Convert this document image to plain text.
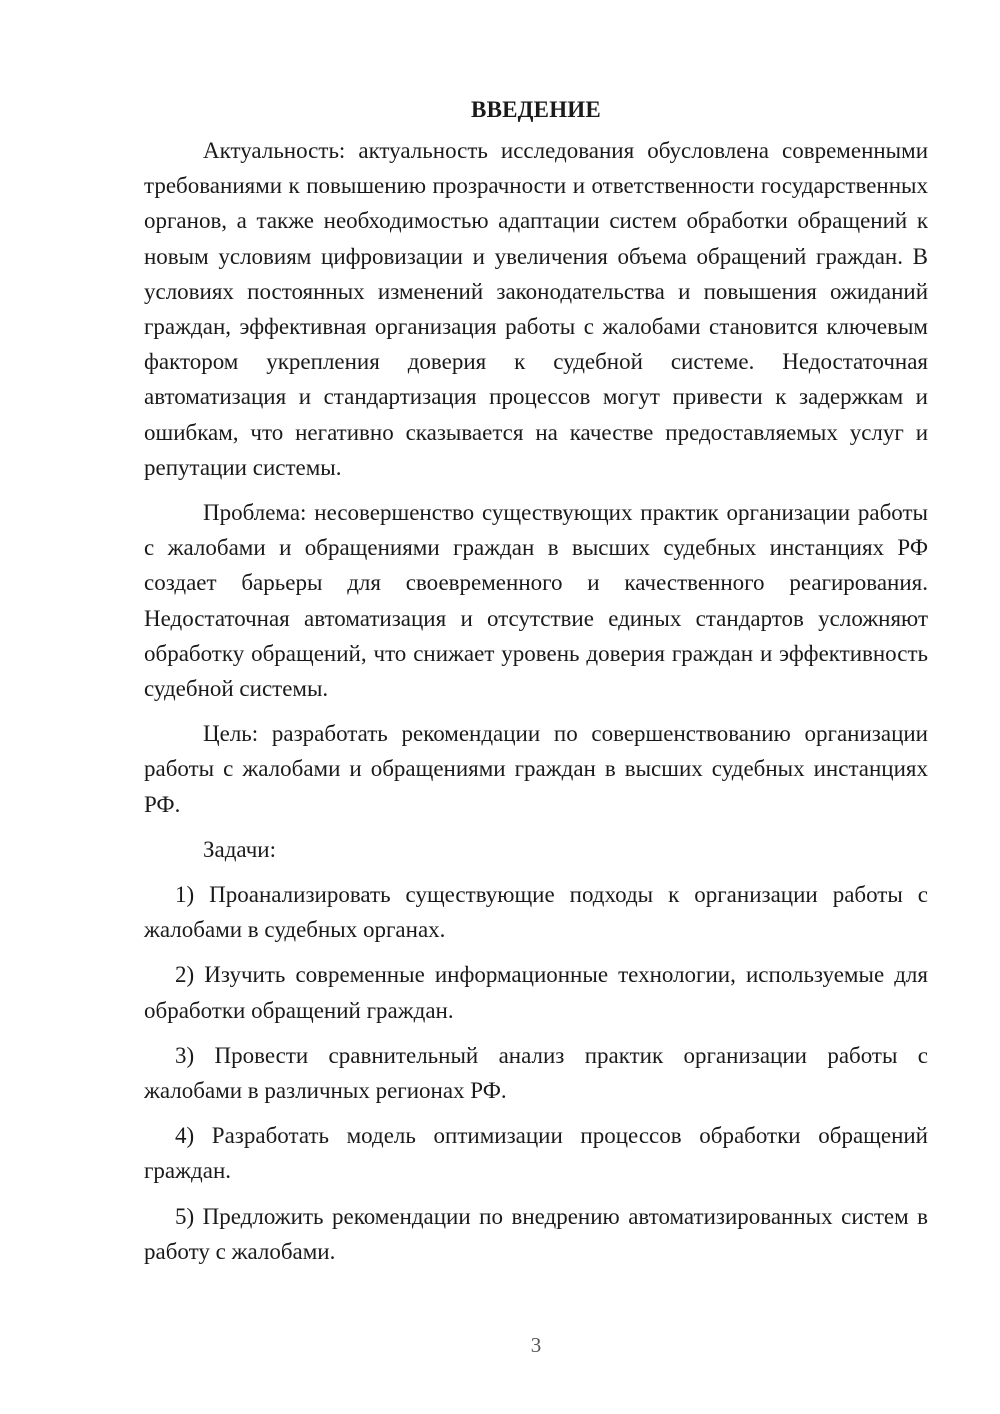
ВВЕДЕНИЕ

Актуальность: актуальность исследования обусловлена современными требованиями к повышению прозрачности и ответственности государственных органов, а также необходимостью адаптации систем обработки обращений к новым условиям цифровизации и увеличения объема обращений граждан. В условиях постоянных изменений законодательства и повышения ожиданий граждан, эффективная организация работы с жалобами становится ключевым фактором укрепления доверия к судебной системе. Недостаточная автоматизация и стандартизация процессов могут привести к задержкам и ошибкам, что негативно сказывается на качестве предоставляемых услуг и репутации системы.

Проблема: несовершенство существующих практик организации работы с жалобами и обращениями граждан в высших судебных инстанциях РФ создает барьеры для своевременного и качественного реагирования. Недостаточная автоматизация и отсутствие единых стандартов усложняют обработку обращений, что снижает уровень доверия граждан и эффективность судебной системы.

Цель: разработать рекомендации по совершенствованию организации работы с жалобами и обращениями граждан в высших судебных инстанциях РФ.

Задачи:

1) Проанализировать существующие подходы к организации работы с жалобами в судебных органах.

2) Изучить современные информационные технологии, используемые для обработки обращений граждан.

3) Провести сравнительный анализ практик организации работы с жалобами в различных регионах РФ.

4) Разработать модель оптимизации процессов обработки обращений граждан.

5) Предложить рекомендации по внедрению автоматизированных систем в работу с жалобами.

3
